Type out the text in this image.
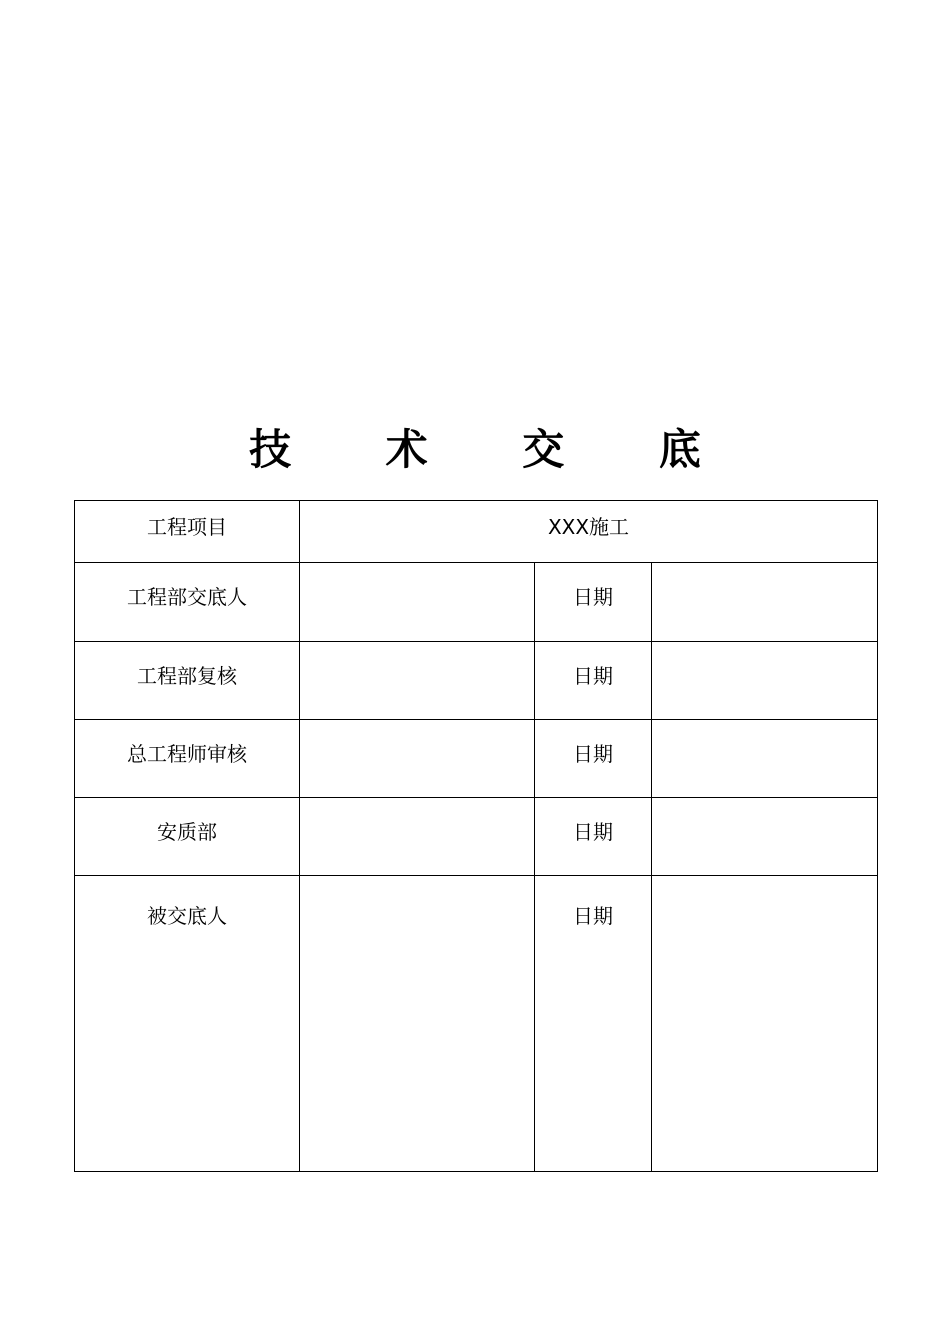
技 术 交 底
工程项目	XXX施工		
工程部交底人		日期	
工程部复核		日期	
总工程师审核		日期	
安质部		日期	
被交底人		日期	
